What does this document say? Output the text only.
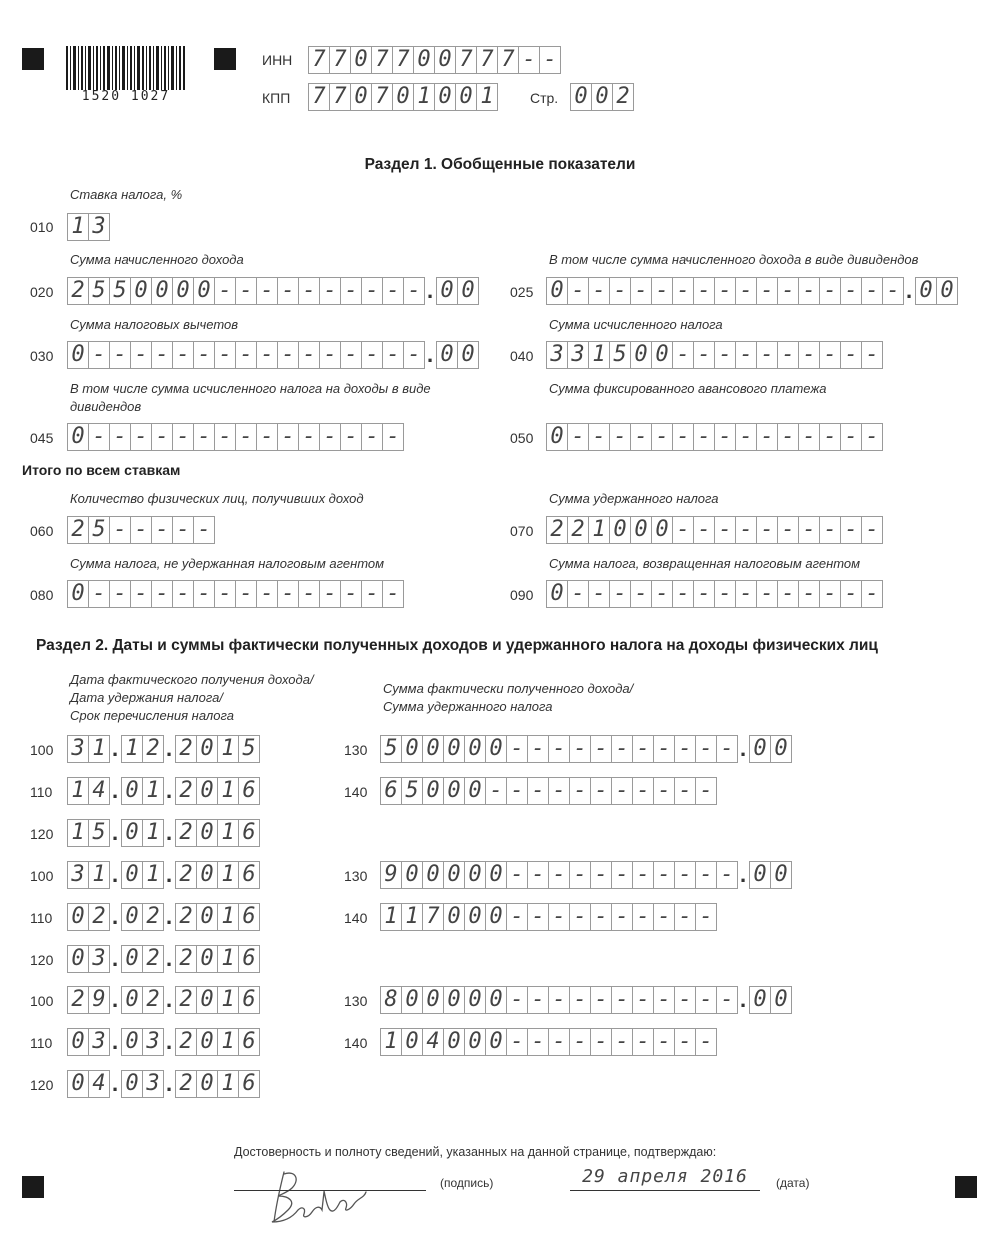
1520 1027
ИНН 7 7 0 7 7 0 0 7 7 7 - -
КПП 7 7 0 7 0 1 0 0 1	Стр. 0 0 2
Раздел 1. Обобщенные показатели
Ставка налога, %
010 1 3
Сумма начисленного дохода
020 2 5 5 0 0 0 0 - - - - - - - - - - . 0 0
В том числе сумма начисленного дохода в виде дивидендов
025 0 - - - - - - - - - - - - - - - - . 0 0
Сумма налоговых вычетов
030 0 - - - - - - - - - - - - - - - - . 0 0
Сумма исчисленного налога
040 3 3 1 5 0 0 - - - - - - - - - -
В том числе сумма исчисленного налога на доходы в виде
дивидендов
045 0 - - - - - - - - - - - - - - -
Сумма фиксированного авансового платежа
050 0 - - - - - - - - - - - - - - -
Итого по всем ставкам
Количество физических лиц, получивших доход
060 2 5 - - - - -
Сумма удержанного налога
070 2 2 1 0 0 0 - - - - - - - - - -
Сумма налога, не удержанная налоговым агентом
080 0 - - - - - - - - - - - - - - -
Сумма налога, возвращенная налоговым агентом
090 0 - - - - - - - - - - - - - - -
Раздел 2. Даты и суммы фактически полученных доходов и удержанного налога на доходы физических лиц
Дата фактического получения дохода/
Дата удержания налога/
Срок перечисления налога
Сумма фактически полученного дохода/
Сумма удержанного налога
100 3 1 . 1 2 . 2 0 1 5	130 5 0 0 0 0 0 - - - - - - - - - - - . 0 0
110 1 4 . 0 1 . 2 0 1 6	140 6 5 0 0 0 - - - - - - - - - - -
120 1 5 . 0 1 . 2 0 1 6
100 3 1 . 0 1 . 2 0 1 6	130 9 0 0 0 0 0 - - - - - - - - - - - . 0 0
110 0 2 . 0 2 . 2 0 1 6	140 1 1 7 0 0 0 - - - - - - - - - -
120 0 3 . 0 2 . 2 0 1 6
100 2 9 . 0 2 . 2 0 1 6	130 8 0 0 0 0 0 - - - - - - - - - - - . 0 0
110 0 3 . 0 3 . 2 0 1 6	140 1 0 4 0 0 0 - - - - - - - - - -
120 0 4 . 0 3 . 2 0 1 6
Достоверность и полноту сведений, указанных на данной странице, подтверждаю:
(подпись)	29 апреля 2016	(дата)
